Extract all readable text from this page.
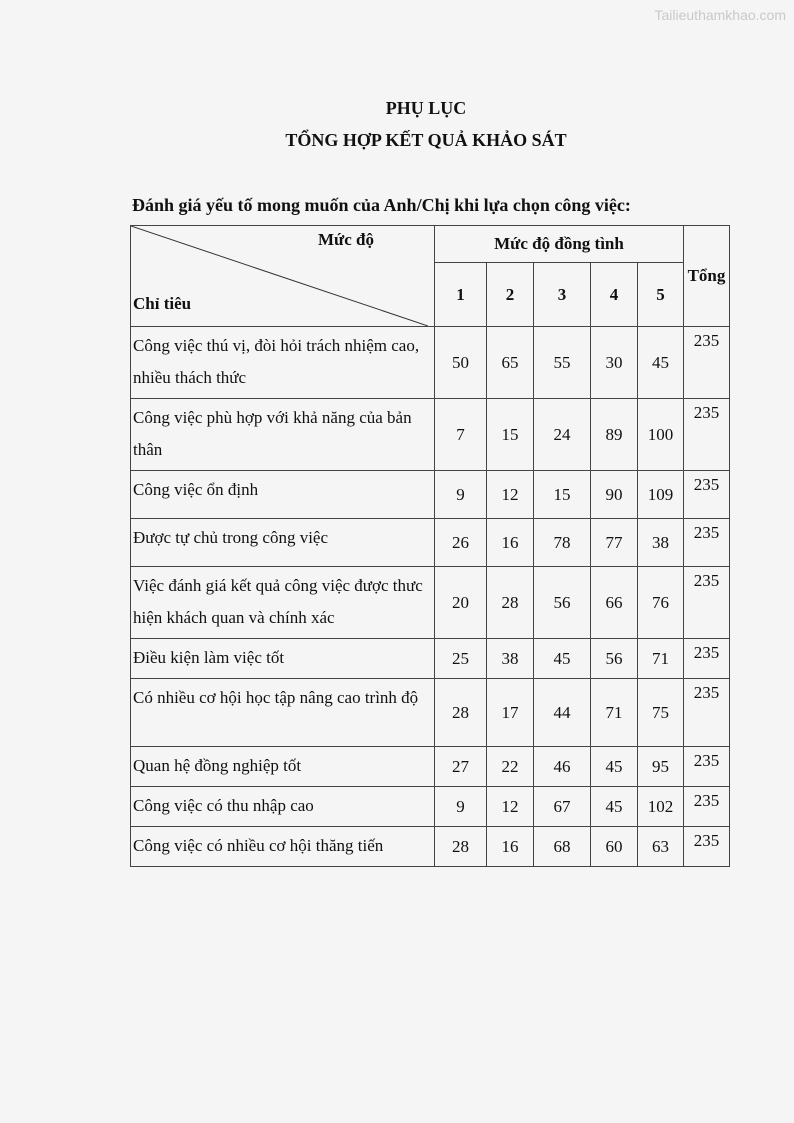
Tailieuthamkhao.com
PHỤ LỤC
TỔNG HỢP KẾT QUẢ KHẢO SÁT
Đánh giá yếu tố mong muốn của Anh/Chị khi lựa chọn công việc:
Mức độ
Chỉ tiêu	Mức độ đồng tình					Tổng
	1	2	3	4	5	
Công việc thú vị, đòi hỏi trách nhiệm cao, nhiều thách thức	50	65	55	30	45	235
Công việc phù hợp với khả năng của bản thân	7	15	24	89	100	235
Công việc ổn định	9	12	15	90	109	235
Được tự chủ trong công việc	26	16	78	77	38	235
Việc đánh giá kết quả công việc được thưc hiện khách quan và chính xác	20	28	56	66	76	235
Điều kiện làm việc tốt	25	38	45	56	71	235
Có nhiều cơ hội học tập nâng cao trình độ	28	17	44	71	75	235
Quan hệ đồng nghiệp tốt	27	22	46	45	95	235
Công việc có thu nhập cao	9	12	67	45	102	235
Công việc có nhiều cơ hội thăng tiến	28	16	68	60	63	235
